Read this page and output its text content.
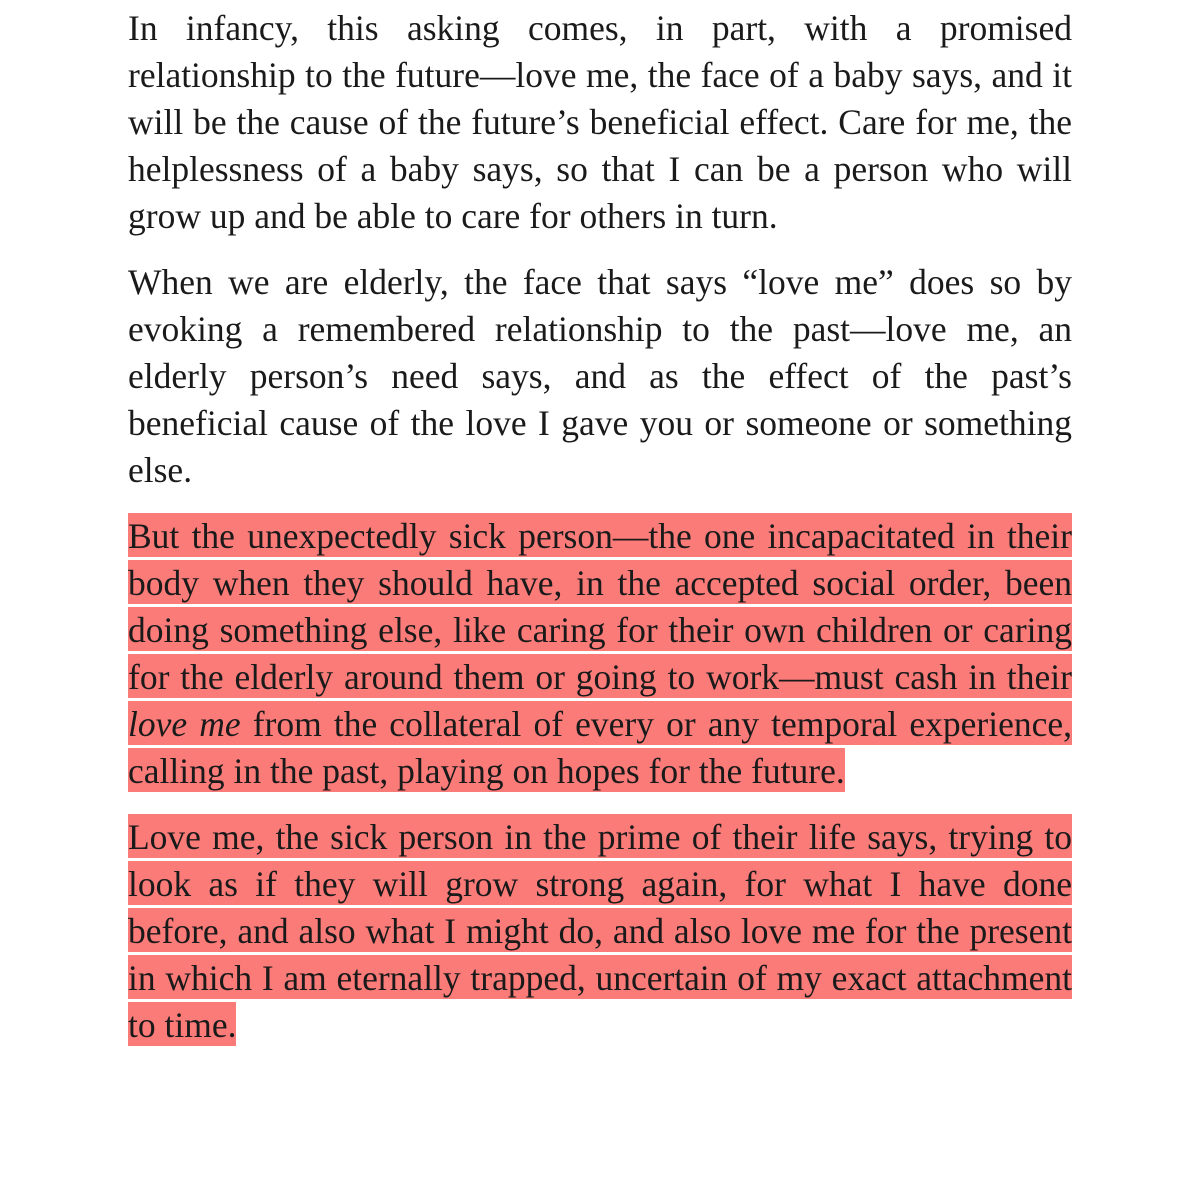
In infancy, this asking comes, in part, with a promised relationship to the future—love me, the face of a baby says, and it will be the cause of the future’s beneficial effect. Care for me, the helplessness of a baby says, so that I can be a person who will grow up and be able to care for others in turn.

When we are elderly, the face that says “love me” does so by evoking a remembered relationship to the past—love me, an elderly person’s need says, and as the effect of the past’s beneficial cause of the love I gave you or someone or something else.

But the unexpectedly sick person—the one incapacitated in their body when they should have, in the accepted social order, been doing something else, like caring for their own children or caring for the elderly around them or going to work—must cash in their love me from the collateral of every or any temporal experience, calling in the past, playing on hopes for the future.

Love me, the sick person in the prime of their life says, trying to look as if they will grow strong again, for what I have done before, and also what I might do, and also love me for the present in which I am eternally trapped, uncertain of my exact attachment to time.
